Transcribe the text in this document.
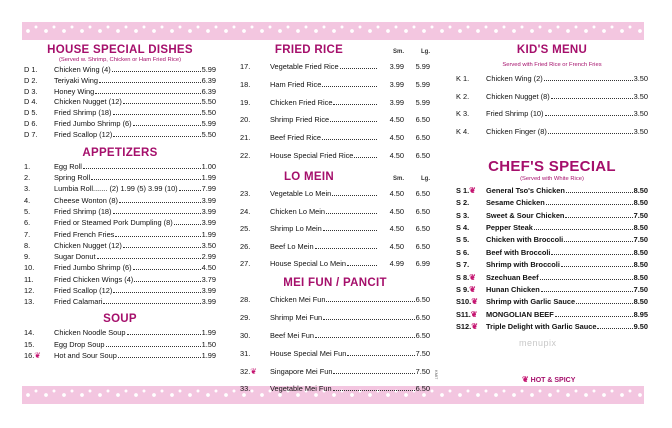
HOUSE SPECIAL DISHES
(Served w. Shrimp, Chicken or Ham Fried Rice)
D 1.	Chicken Wing (4)	5.99
D 2.	Teriyaki Wing	6.39
D 3.	Honey Wing	6.39
D 4.	Chicken Nugget (12)	5.50
D 5.	Fried Shrimp (18)	5.50
D 6.	Fried Jumbo Shrimp (6)	5.99
D 7.	Fried Scallop (12)	5.50
APPETIZERS
1.	Egg Roll	1.00
2.	Spring Roll	1.99
3.	Lumbia Roll....... (2) 1.99 (5) 3.99 (10)	7.99
4.	Cheese Wonton (8)	3.99
5.	Fried Shrimp (18)	3.99
6.	Fried or Steamed Pork Dumpling (8)	3.99
7.	Fried French Fries	1.99
8.	Chicken Nugget (12)	3.50
9.	Sugar Donut	2.99
10.	Fried Jumbo Shrimp (6)	4.50
11.	Fried Chicken Wings (4)	3.79
12.	Fried Scallop (12)	3.99
13.	Fried Calamari	3.99
SOUP
14.	Chicken Noodle Soup	1.99
15.	Egg Drop Soup	1.50
16.❦	Hot and Sour Soup	1.99
FRIED RICE	Sm.	Lg.
17.	Vegetable Fried Rice	3.99	5.99
18.	Ham Fried Rice	3.99	5.99
19.	Chicken Fried Rice	3.99	5.99
20.	Shrimp Fried Rice	4.50	6.50
21.	Beef Fried Rice	4.50	6.50
22.	House Special Fried Rice	4.50	6.50
LO MEIN	Sm.	Lg.
23.	Vegetable Lo Mein	4.50	6.50
24.	Chicken Lo Mein	4.50	6.50
25.	Shrimp Lo Mein	4.50	6.50
26.	Beef Lo Mein	4.50	6.50
27.	House Special Lo Mein	4.99	6.99
MEI FUN / PANCIT
28.	Chicken Mei Fun	6.50
29.	Shrimp Mei Fun	6.50
30.	Beef Mei Fun	6.50
31.	House Special Mei Fun	7.50
32.❦	Singapore Mei Fun	7.50
33.	Vegetable Mei Fun	6.50
KID'S MENU
Served with Fried Rice or French Fries
K 1.	Chicken Wing (2)	3.50
K 2.	Chicken Nugget (8)	3.50
K 3.	Fried Shrimp (10)	3.50
K 4.	Chicken Finger (8)	3.50
CHEF'S SPECIAL
(Served with White Rice)
S 1.❦	General Tso's Chicken	8.50
S 2.	Sesame Chicken	8.50
S 3.	Sweet & Sour Chicken	7.50
S 4.	Pepper Steak	8.50
S 5.	Chicken with Broccoli	7.50
S 6.	Beef with Broccoli	8.50
S 7.	Shrimp with Broccoli	8.50
S 8.❦	Szechuan Beef	8.50
S 9.❦	Hunan Chicken	7.50
S10.❦	Shrimp with Garlic Sauce	8.50
S11.❦	MONGOLIAN BEEF	8.95
S12.❦	Triple Delight with Garlic Sauce	9.50
KMI7
menupix
❦ HOT & SPICY
